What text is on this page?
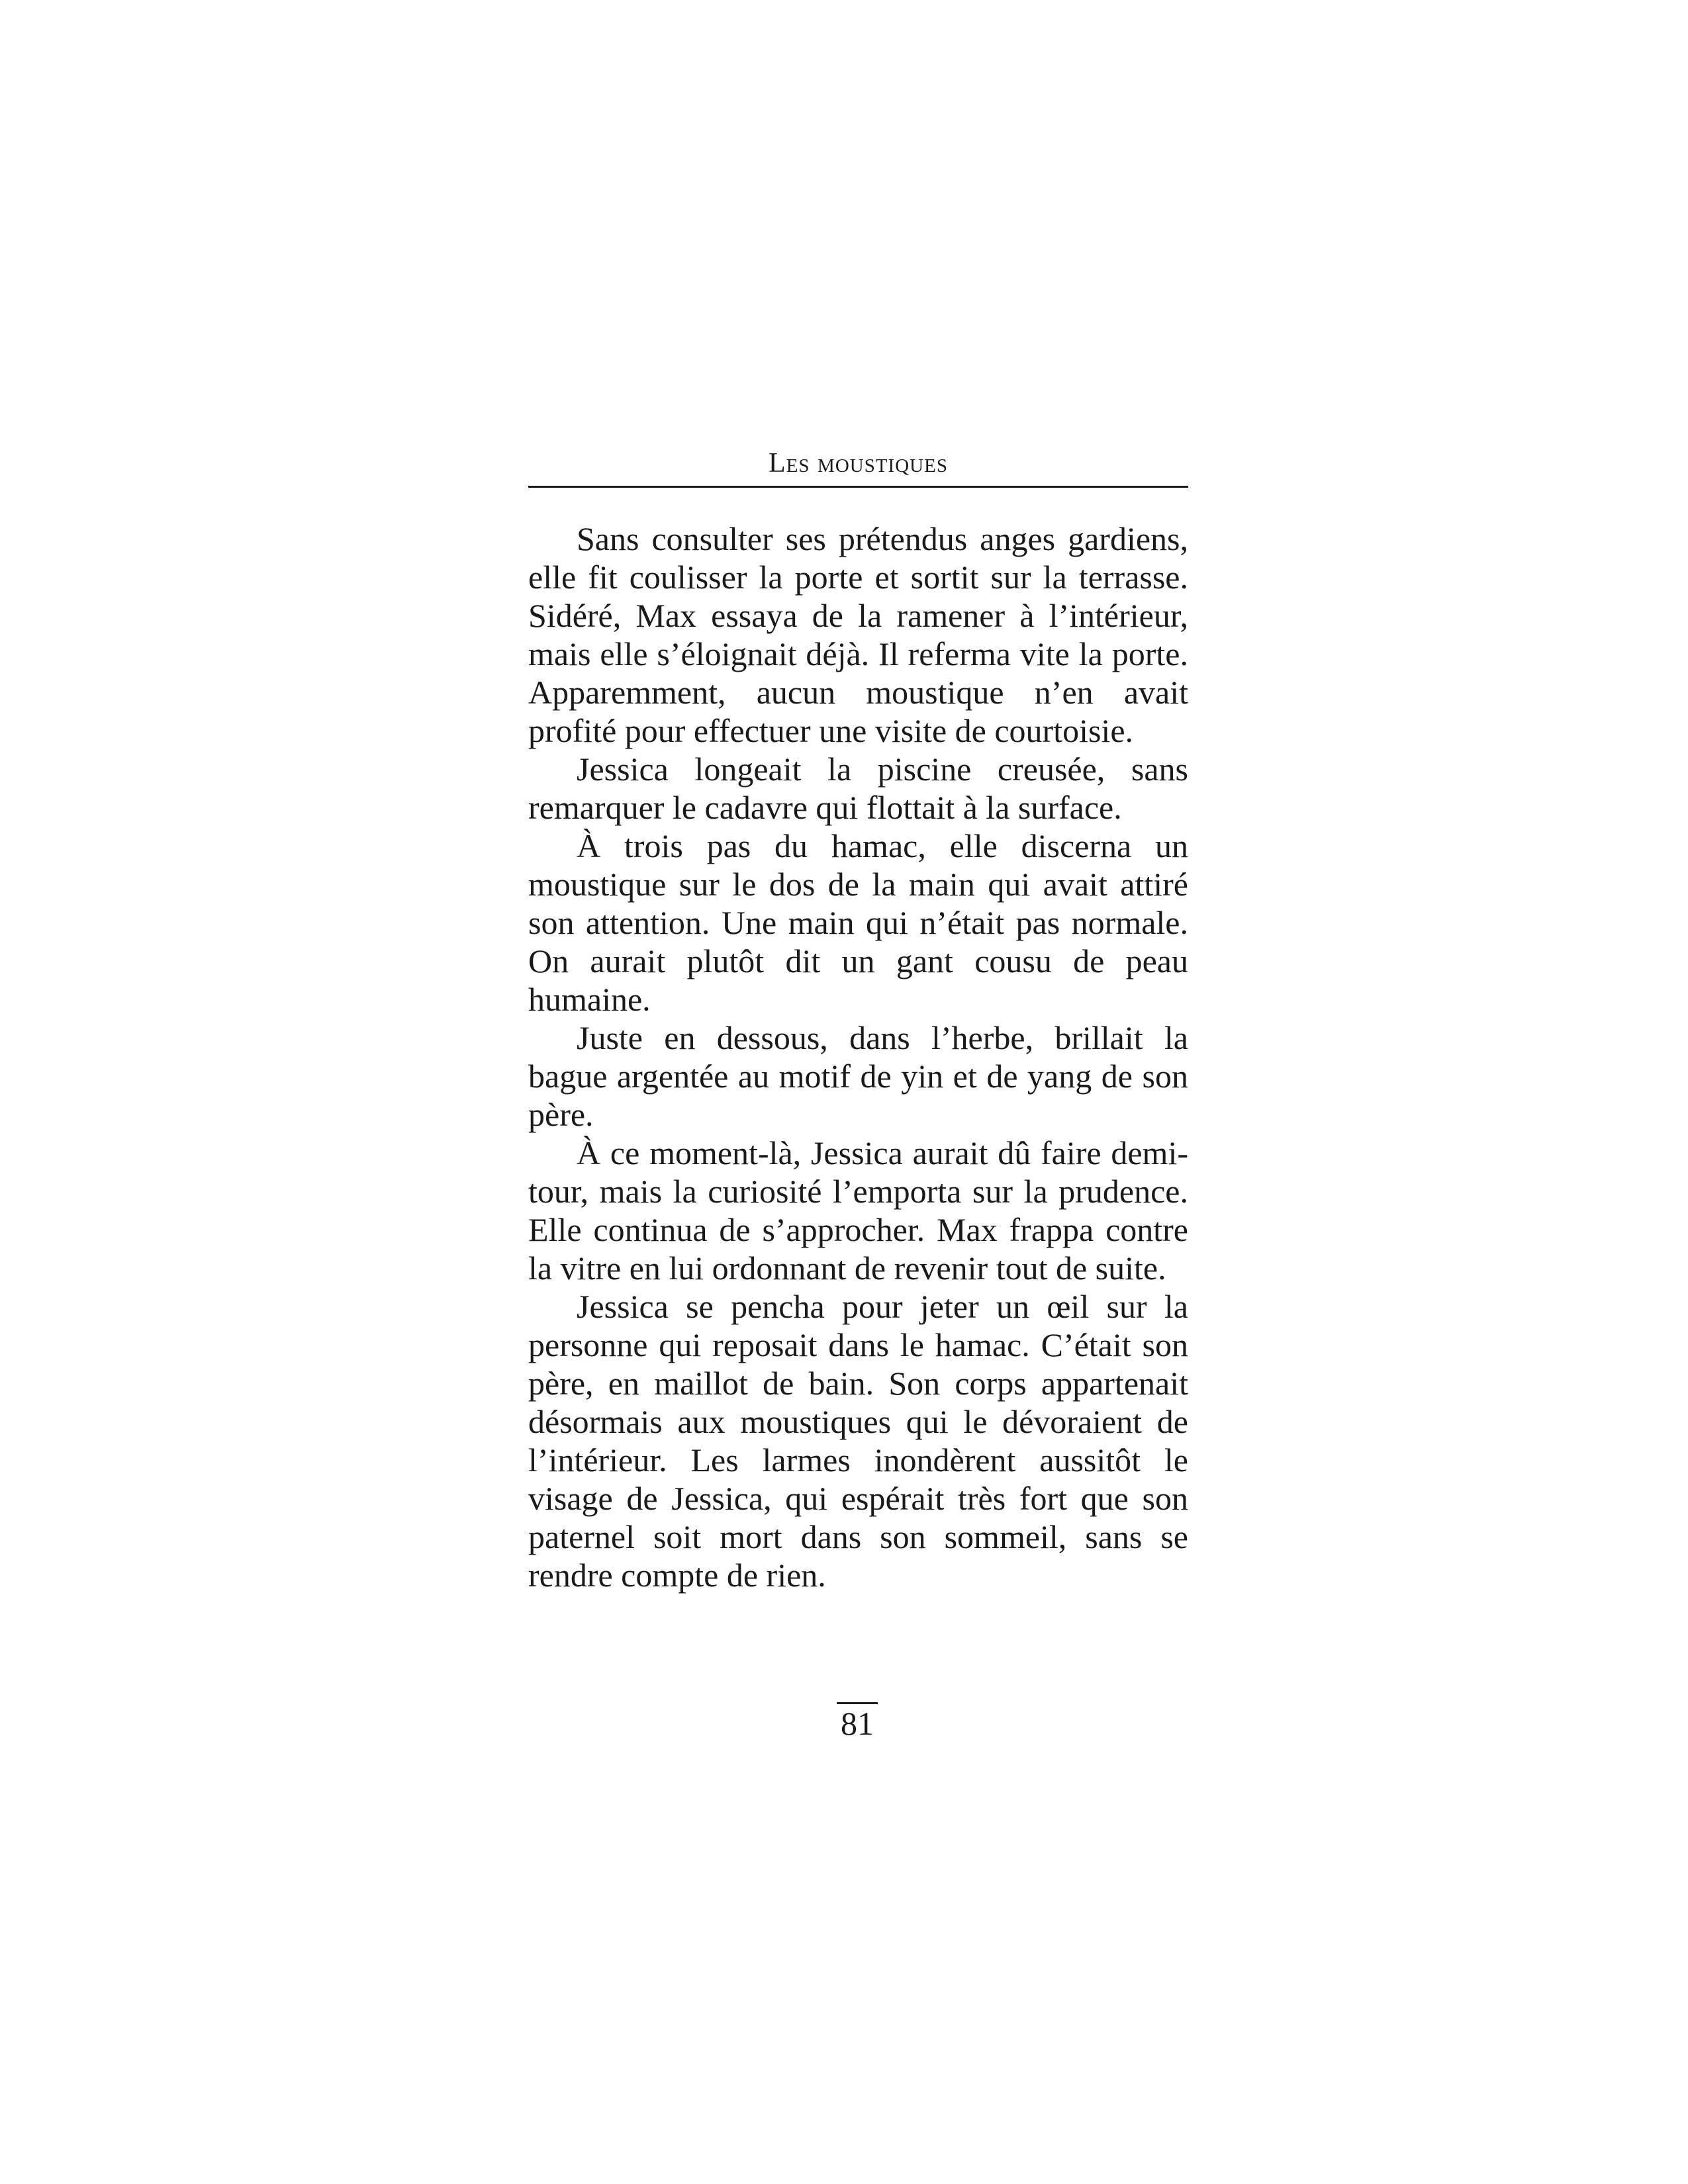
Les moustiques

Sans consulter ses prétendus anges gardiens, elle fit coulisser la porte et sortit sur la terrasse. Sidéré, Max essaya de la ramener à l’intérieur, mais elle s’éloignait déjà. Il referma vite la porte. Apparemment, aucun moustique n’en avait profité pour effectuer une visite de courtoisie.

Jessica longeait la piscine creusée, sans remarquer le cadavre qui flottait à la surface.

À trois pas du hamac, elle discerna un moustique sur le dos de la main qui avait attiré son attention. Une main qui n’était pas normale. On aurait plutôt dit un gant cousu de peau humaine.

Juste en dessous, dans l’herbe, brillait la bague argentée au motif de yin et de yang de son père.

À ce moment-là, Jessica aurait dû faire demi-tour, mais la curiosité l’emporta sur la prudence. Elle continua de s’approcher. Max frappa contre la vitre en lui ordonnant de revenir tout de suite.

Jessica se pencha pour jeter un œil sur la personne qui reposait dans le hamac. C’était son père, en maillot de bain. Son corps appartenait désormais aux moustiques qui le dévoraient de l’intérieur. Les larmes inondèrent aussitôt le visage de Jessica, qui espérait très fort que son paternel soit mort dans son sommeil, sans se rendre compte de rien.

81
